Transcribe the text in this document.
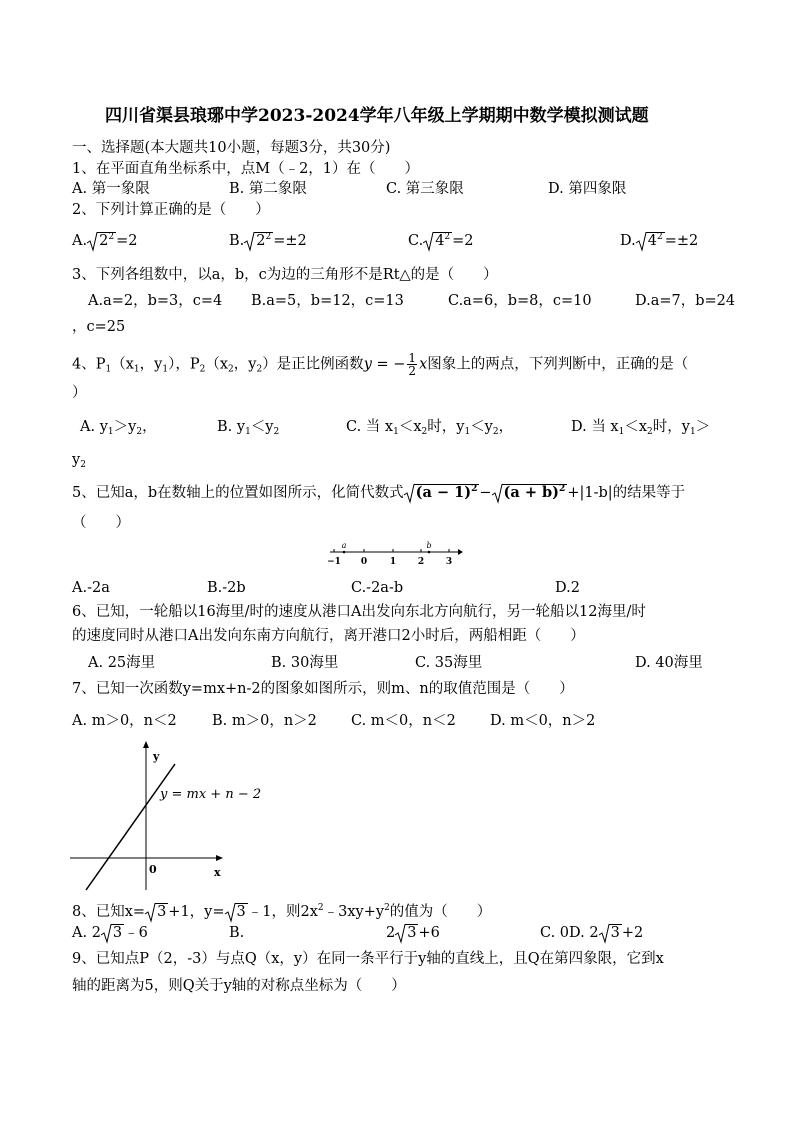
四川省渠县琅琊中学2023-2024学年八年级上学期期中数学模拟测试题
一、选择题(本大题共10小题，每题3分，共30分)
1、在平面直角坐标系中，点M（﹣2，1）在（　　）
A. 第一象限	B. 第二象限	C. 第三象限	D. 第四象限
2、下列计算正确的是（　　）
A. $2^2 =2$	B. $2^2 =\pm 2$	C. $4^2 =2$	D. $4^2 =\pm 2$
3、下列各组数中，以a，b，c为边的三角形不是Rt△的是（　　）
A.a=2，b=3，c=4 B.a=5，b=12，c=13	C.a=6，b=8，c=10	D.a=7，b=24
，c=25
4、$P_1(x_1$，$y_1$），$P_2(x_2$，$y_2$）是正比例函数y = − $\frac{1}{2}$ x图象上的两点，下列判断中，正确的是（
）
A. $y_1>y_2$，	B. $y_1<y_2$	C. 当 $x_1<x_2$时，$y_1<y_2$，	D. 当 $x_1<x_2$时，$y_1>$
$y_2$
5、已知a，b在数轴上的位置如图所示，化简代数式 $(a - 1)^2 - (a + b)^2 +|1-b|$的结果等于
（　　）
a	b
−1 0	1 2 3
A.-2a	B.-2b	C.-2a-b	D.2
6、已知，一轮船以16海里/时的速度从港口A出发向东北方向航行，另一轮船以12海里/时
的速度同时从港口A出发向东南方向航行，离开港口2小时后，两船相距（　　）
A. 25海里	B. 30海里	C. 35海里	D. 40海里
7、已知一次函数y=mx+n-2的图象如图所示，则m、n的取值范围是（　　）
A. m＞0，n＜2 B. m＞0，n＞2 C. m＜0，n＜2 D. m＜0，n＞2
y
x
0
y = mx + n − 2
8、已知x= 3 +1，y= 3 ﹣1，则$2x^2﹣3xy+y^2$的值为（　　）
A. 2 3 ﹣6	B.	2 3 +6	C. 0D. 2 3 +2
9、已知点P（2，-3）与点Q（x，y）在同一条平行于y轴的直线上，且Q在第四象限，它到x
轴的距离为5，则Q关于y轴的对称点坐标为（　　）
